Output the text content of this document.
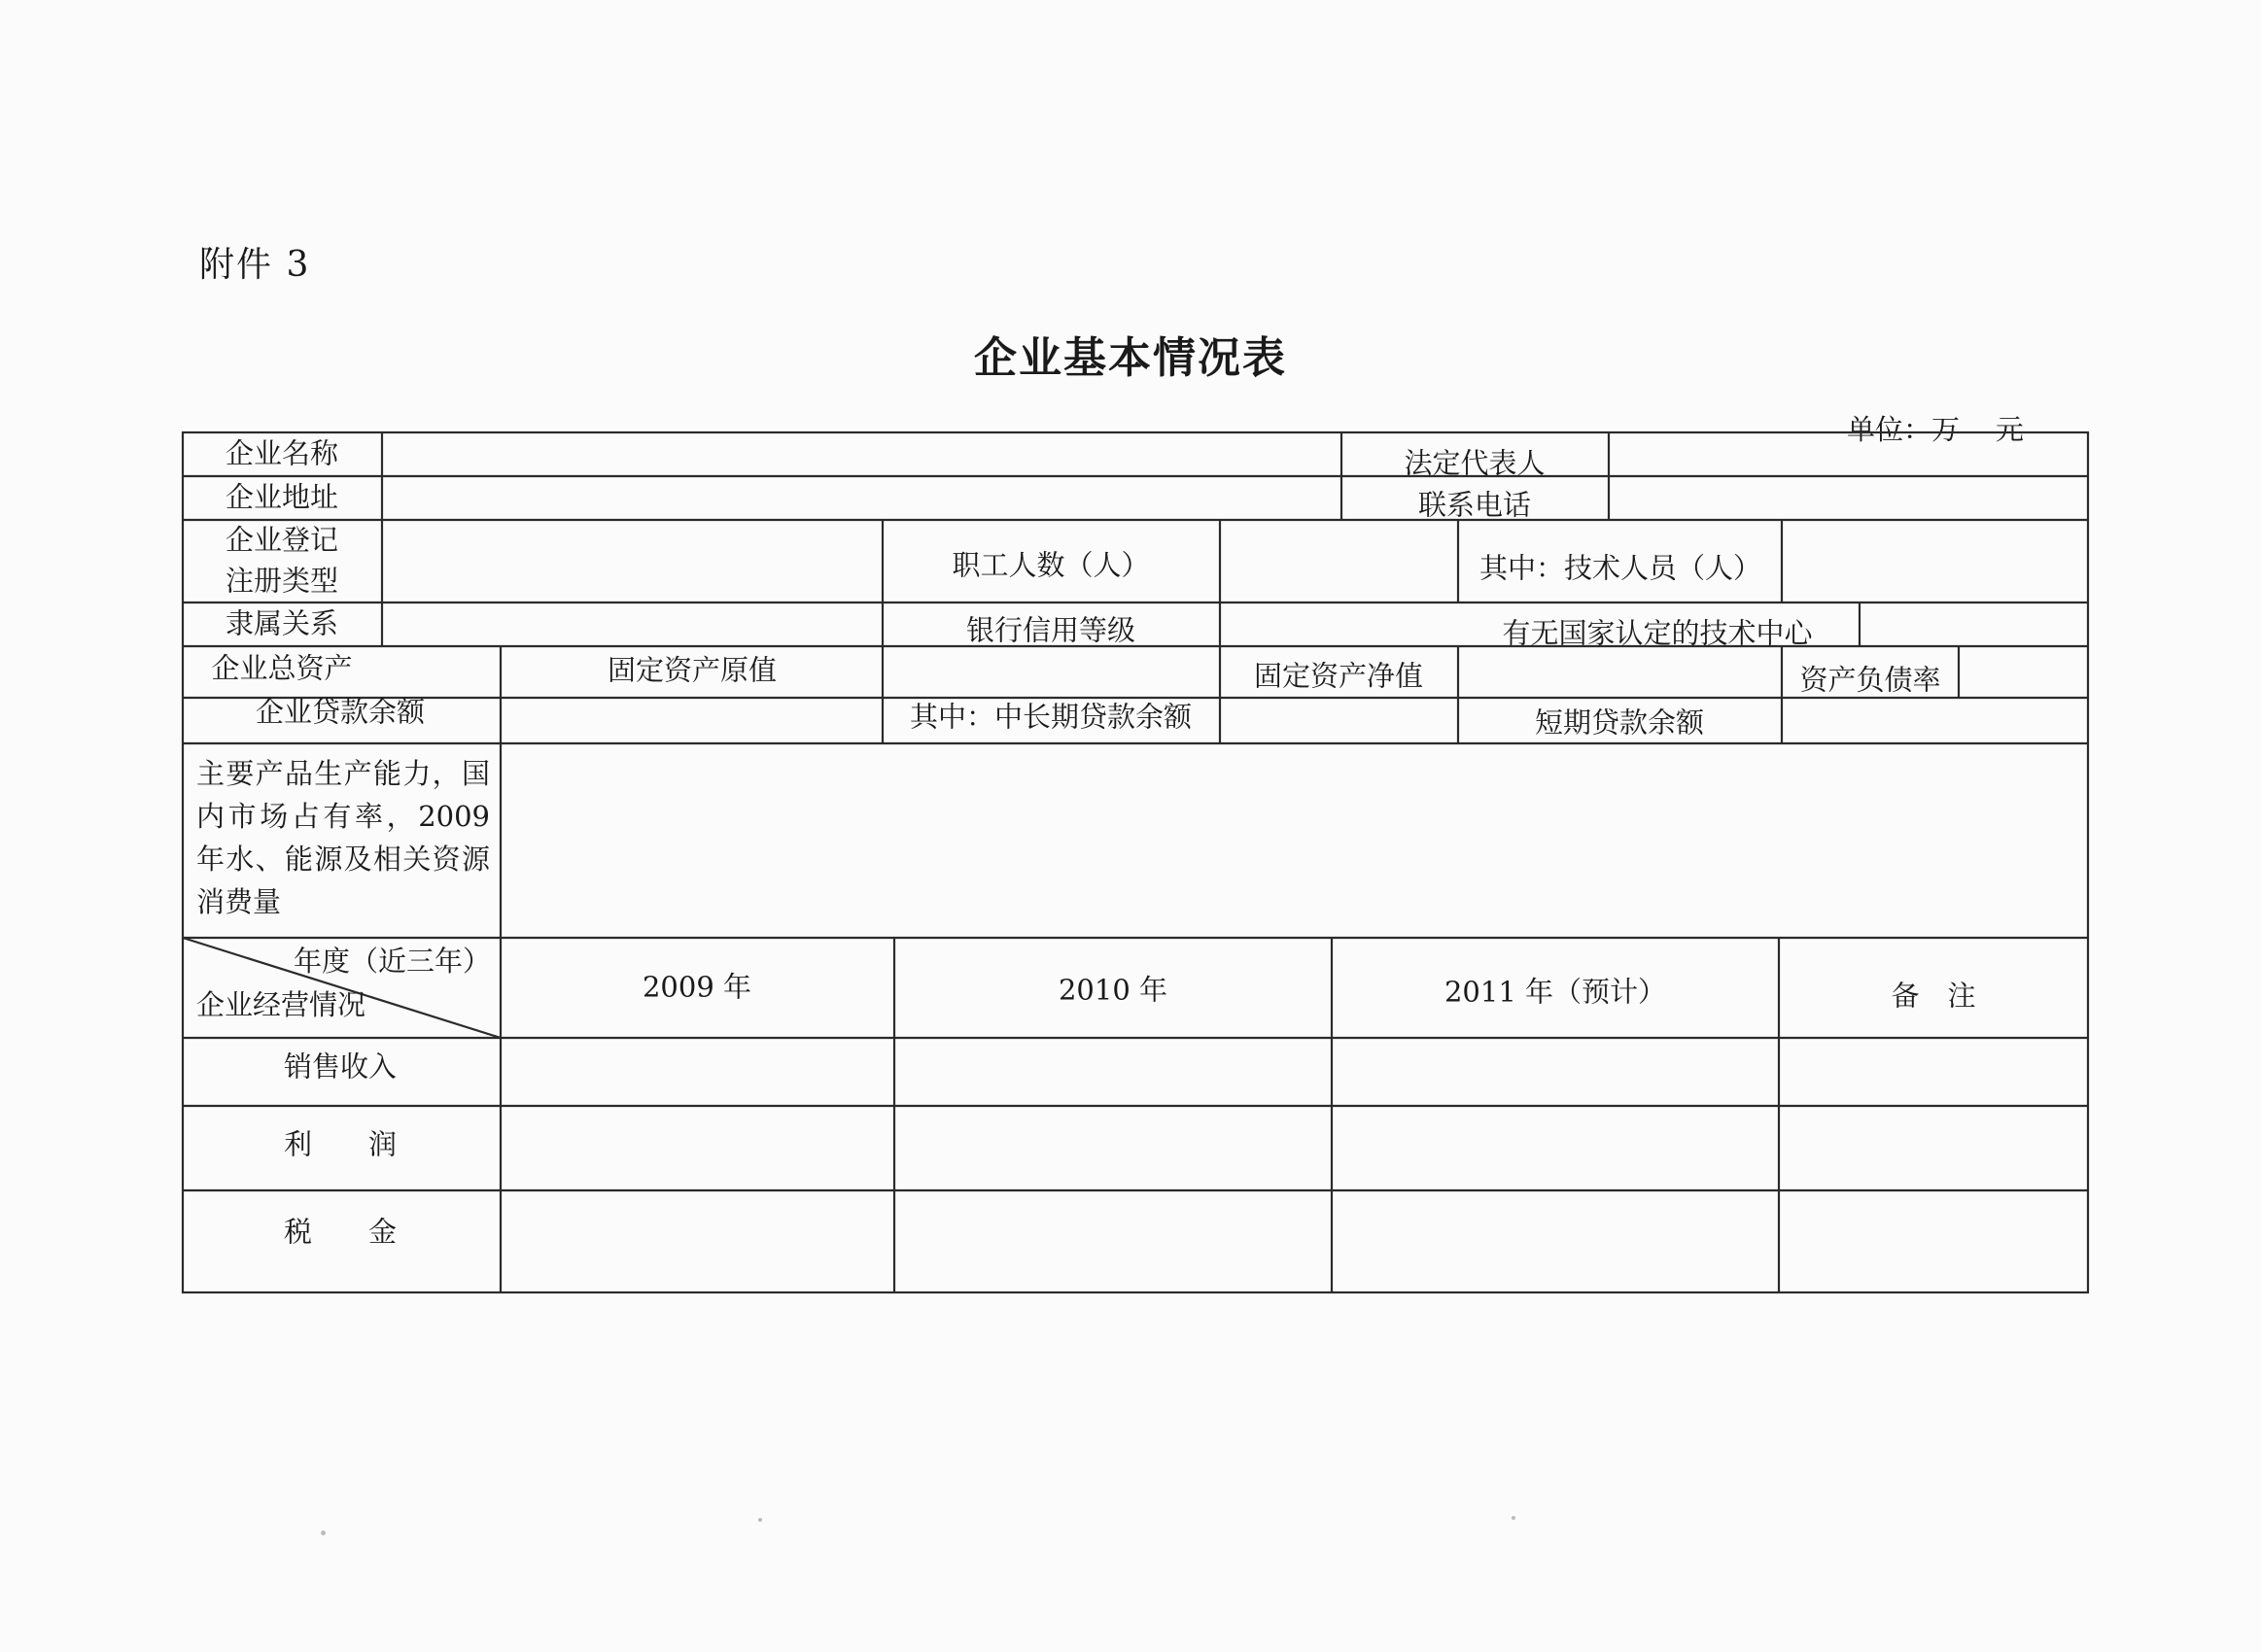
附件 3
企业基本情况表
单位：万    元
企业名称	法定代表人
企业地址	联系电话
企业登记
注册类型	职工人数（人）	其中：技术人员（人）
隶属关系	银行信用等级	有无国家认定的技术中心
企业总资产	固定资产原值	固定资产净值	资产负债率
企业贷款余额	其中：中长期贷款余额	短期贷款余额
主要产品生产能力，国内市场占有率，2009 年水、能源及相关资源消费量
年度（近三年）
企业经营情况
2009 年	2010 年	2011 年（预计）	备　注
销售收入
利　　润
税　　金
